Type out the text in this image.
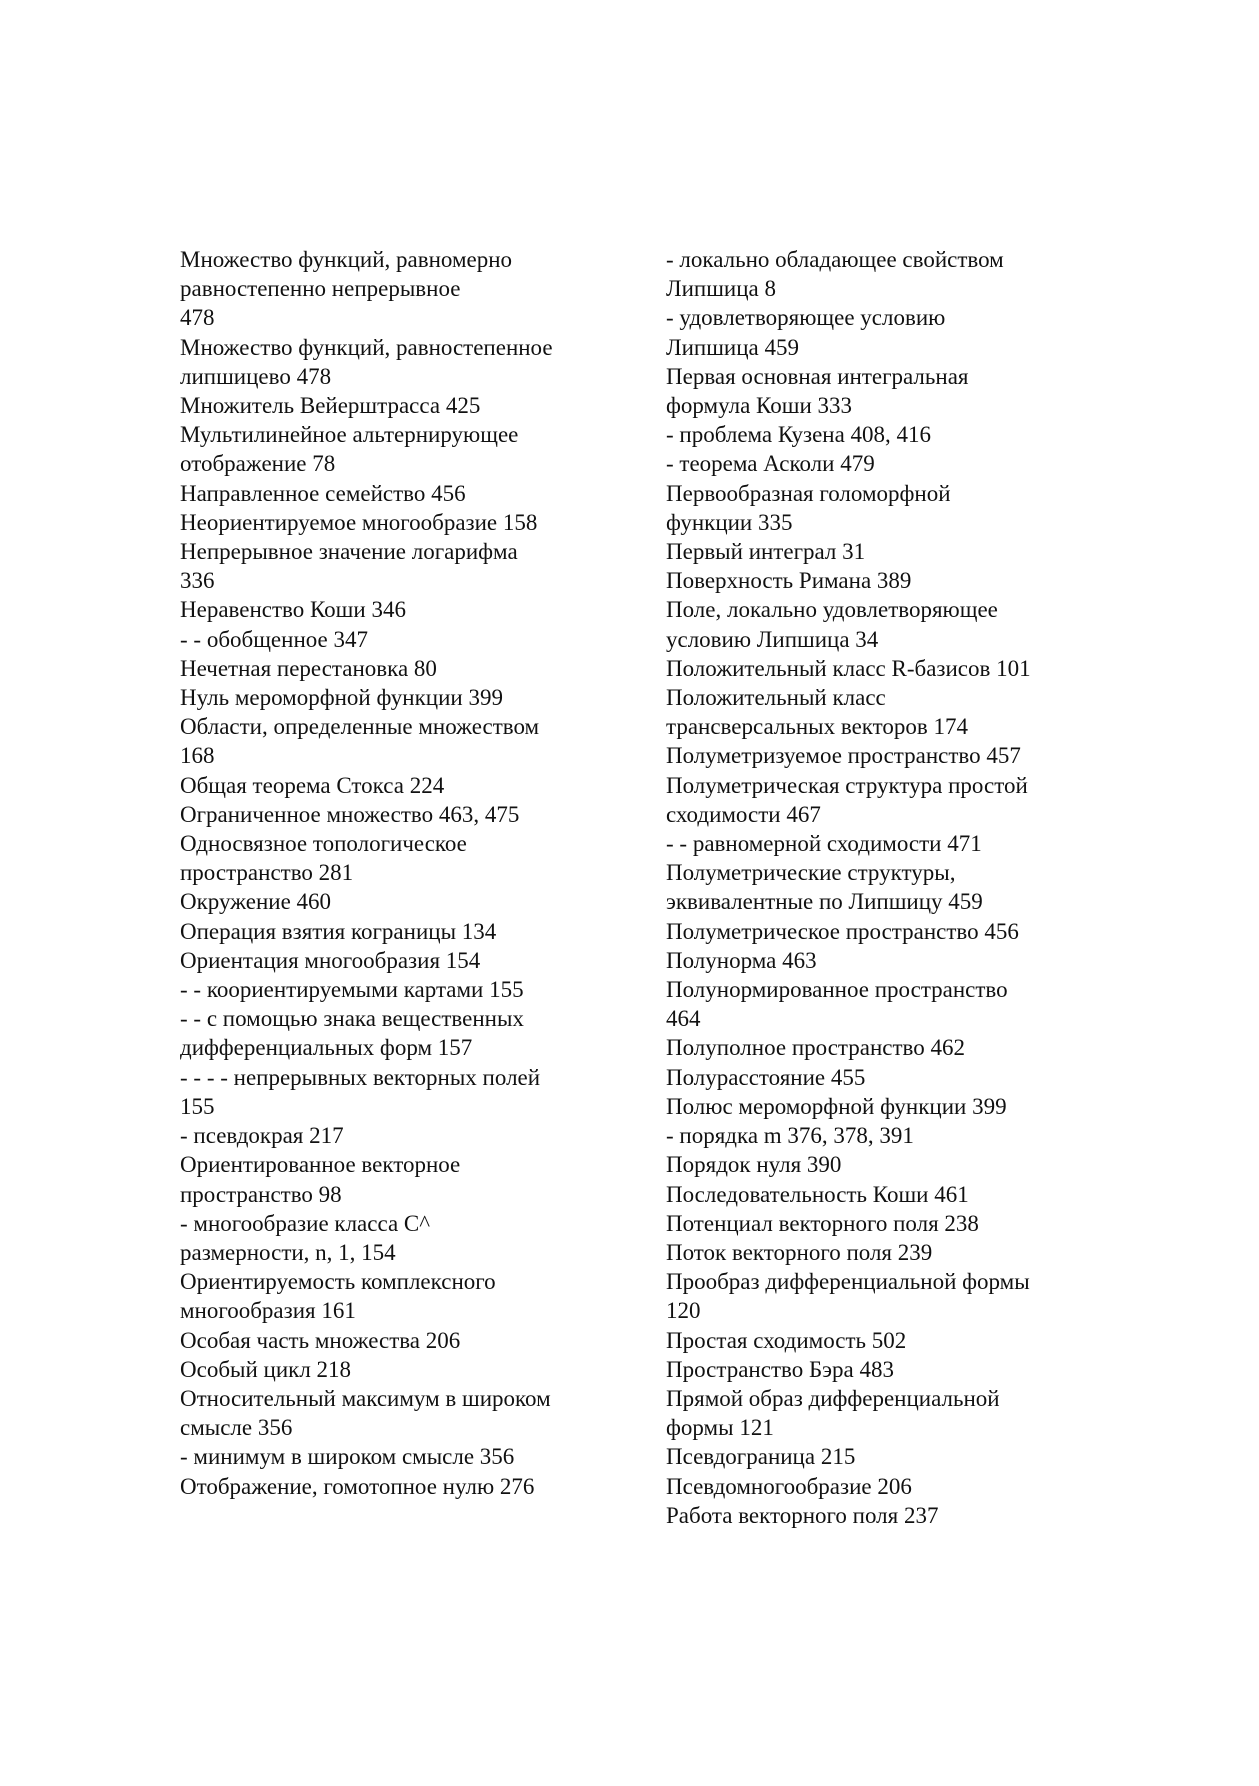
Множество функций, равномерно
равностепенно непрерывное
478

Множество функций, равностепенное
липшицево 478

Множитель Вейерштрасса 425

Мультилинейное альтернирующее
отображение 78

Направленное семейство 456

Неориентируемое многообразие 158

Непрерывное значение логарифма
336

Неравенство Коши 346

- - обобщенное 347

Нечетная перестановка 80

Нуль мероморфной функции 399

Области, определенные множеством
168

Общая теорема Стокса 224

Ограниченное множество 463, 475

Односвязное топологическое
пространство 281

Окружение 460

Операция взятия кограницы 134

Ориентация многообразия 154

- - коориентируемыми картами 155

- - с помощью знака вещественных
дифференциальных форм 157

- - - - непрерывных векторных полей
155

- псевдокрая 217

Ориентированное векторное
пространство 98

- многообразие класса С^
размерности, n, 1, 154

Ориентируемость комплексного
многообразия 161

Особая часть множества 206

Особый цикл 218

Относительный максимум в широком
смысле 356

- минимум в широком смысле 356

Отображение, гомотопное нулю 276

- локально обладающее свойством
Липшица 8

- удовлетворяющее условию
Липшица 459

Первая основная интегральная
формула Коши 333

- проблема Кузена 408, 416

- теорема Асколи 479

Первообразная голоморфной
функции 335

Первый интеграл 31

Поверхность Римана 389

Поле, локально удовлетворяющее
условию Липшица 34

Положительный класс R-базисов 101

Положительный класс
трансверсальных векторов 174

Полуметризуемое пространство 457

Полуметрическая структура простой
сходимости 467

- - равномерной сходимости 471

Полуметрические структуры,
эквивалентные по Липшицу 459

Полуметрическое пространство 456

Полунорма 463

Полунормированное пространство
464

Полуполное пространство 462

Полурасстояние 455

Полюс мероморфной функции 399

- порядка m 376, 378, 391

Порядок нуля 390

Последовательность Коши 461

Потенциал векторного поля 238

Поток векторного поля 239

Прообраз дифференциальной формы
120

Простая сходимость 502

Пространство Бэра 483

Прямой образ дифференциальной
формы 121

Псевдограница 215

Псевдомногообразие 206

Работа векторного поля 237
